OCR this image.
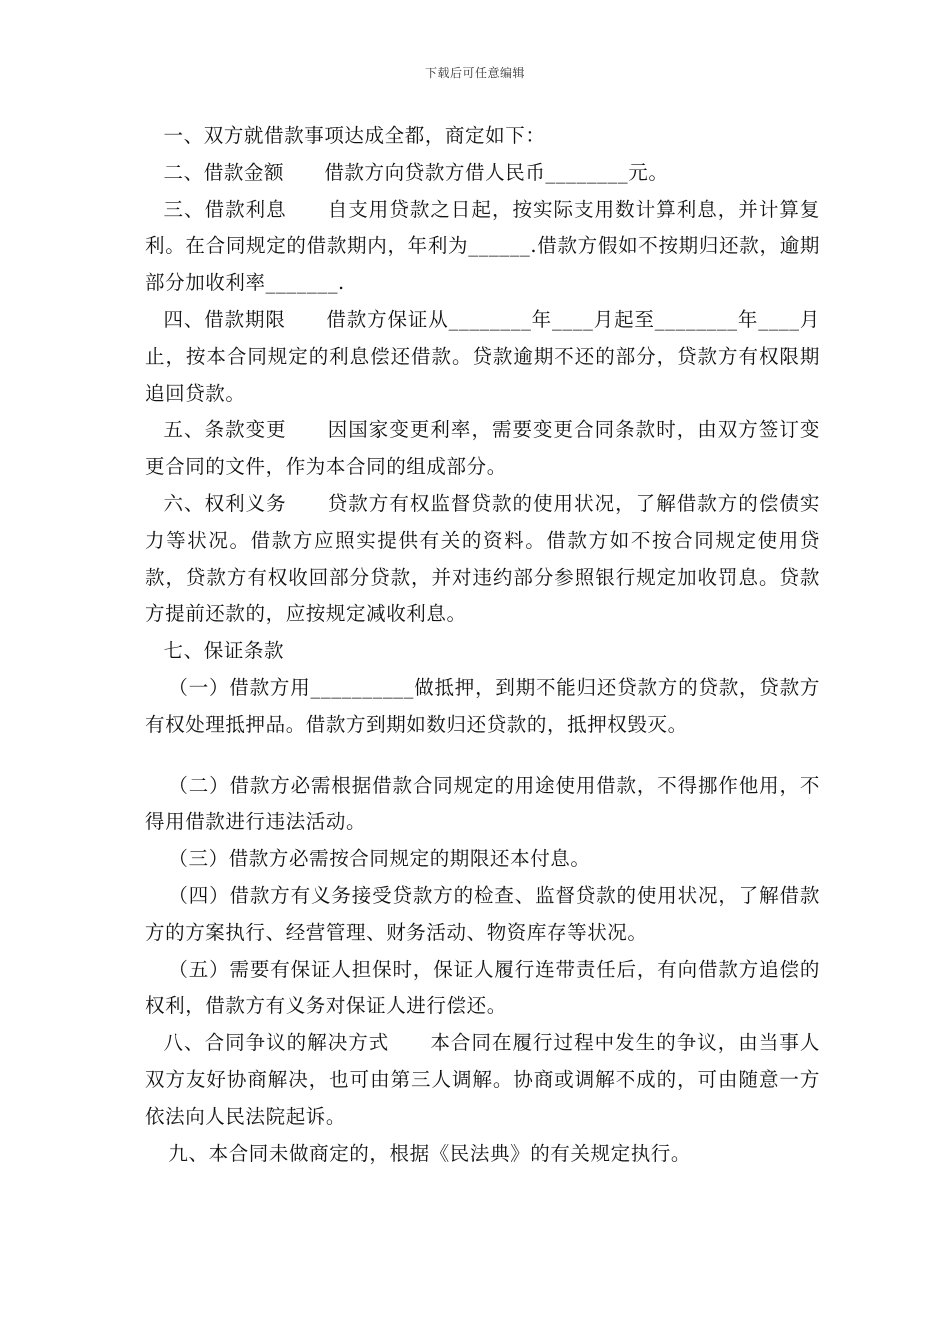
下载后可任意编辑

一、双方就借款事项达成全都，商定如下：

二、借款金额　　借款方向贷款方借人民币________元。

三、借款利息　　自支用贷款之日起，按实际支用数计算利息，并计算复利。在合同规定的借款期内，年利为______.借款方假如不按期归还款，逾期部分加收利率_______.

四、借款期限　　借款方保证从________年____月起至________年____月止，按本合同规定的利息偿还借款。贷款逾期不还的部分，贷款方有权限期追回贷款。

五、条款变更　　因国家变更利率，需要变更合同条款时，由双方签订变更合同的文件，作为本合同的组成部分。

六、权利义务　　贷款方有权监督贷款的使用状况，了解借款方的偿债实力等状况。借款方应照实提供有关的资料。借款方如不按合同规定使用贷款，贷款方有权收回部分贷款，并对违约部分参照银行规定加收罚息。贷款方提前还款的，应按规定减收利息。

七、保证条款

（一）借款方用__________做抵押，到期不能归还贷款方的贷款，贷款方有权处理抵押品。借款方到期如数归还贷款的，抵押权毁灭。

（二）借款方必需根据借款合同规定的用途使用借款，不得挪作他用，不得用借款进行违法活动。

（三）借款方必需按合同规定的期限还本付息。

（四）借款方有义务接受贷款方的检查、监督贷款的使用状况，了解借款方的方案执行、经营管理、财务活动、物资库存等状况。

（五）需要有保证人担保时，保证人履行连带责任后，有向借款方追偿的权利，借款方有义务对保证人进行偿还。

八、合同争议的解决方式　　本合同在履行过程中发生的争议，由当事人双方友好协商解决，也可由第三人调解。协商或调解不成的，可由随意一方依法向人民法院起诉。

九、本合同未做商定的，根据《民法典》的有关规定执行。
